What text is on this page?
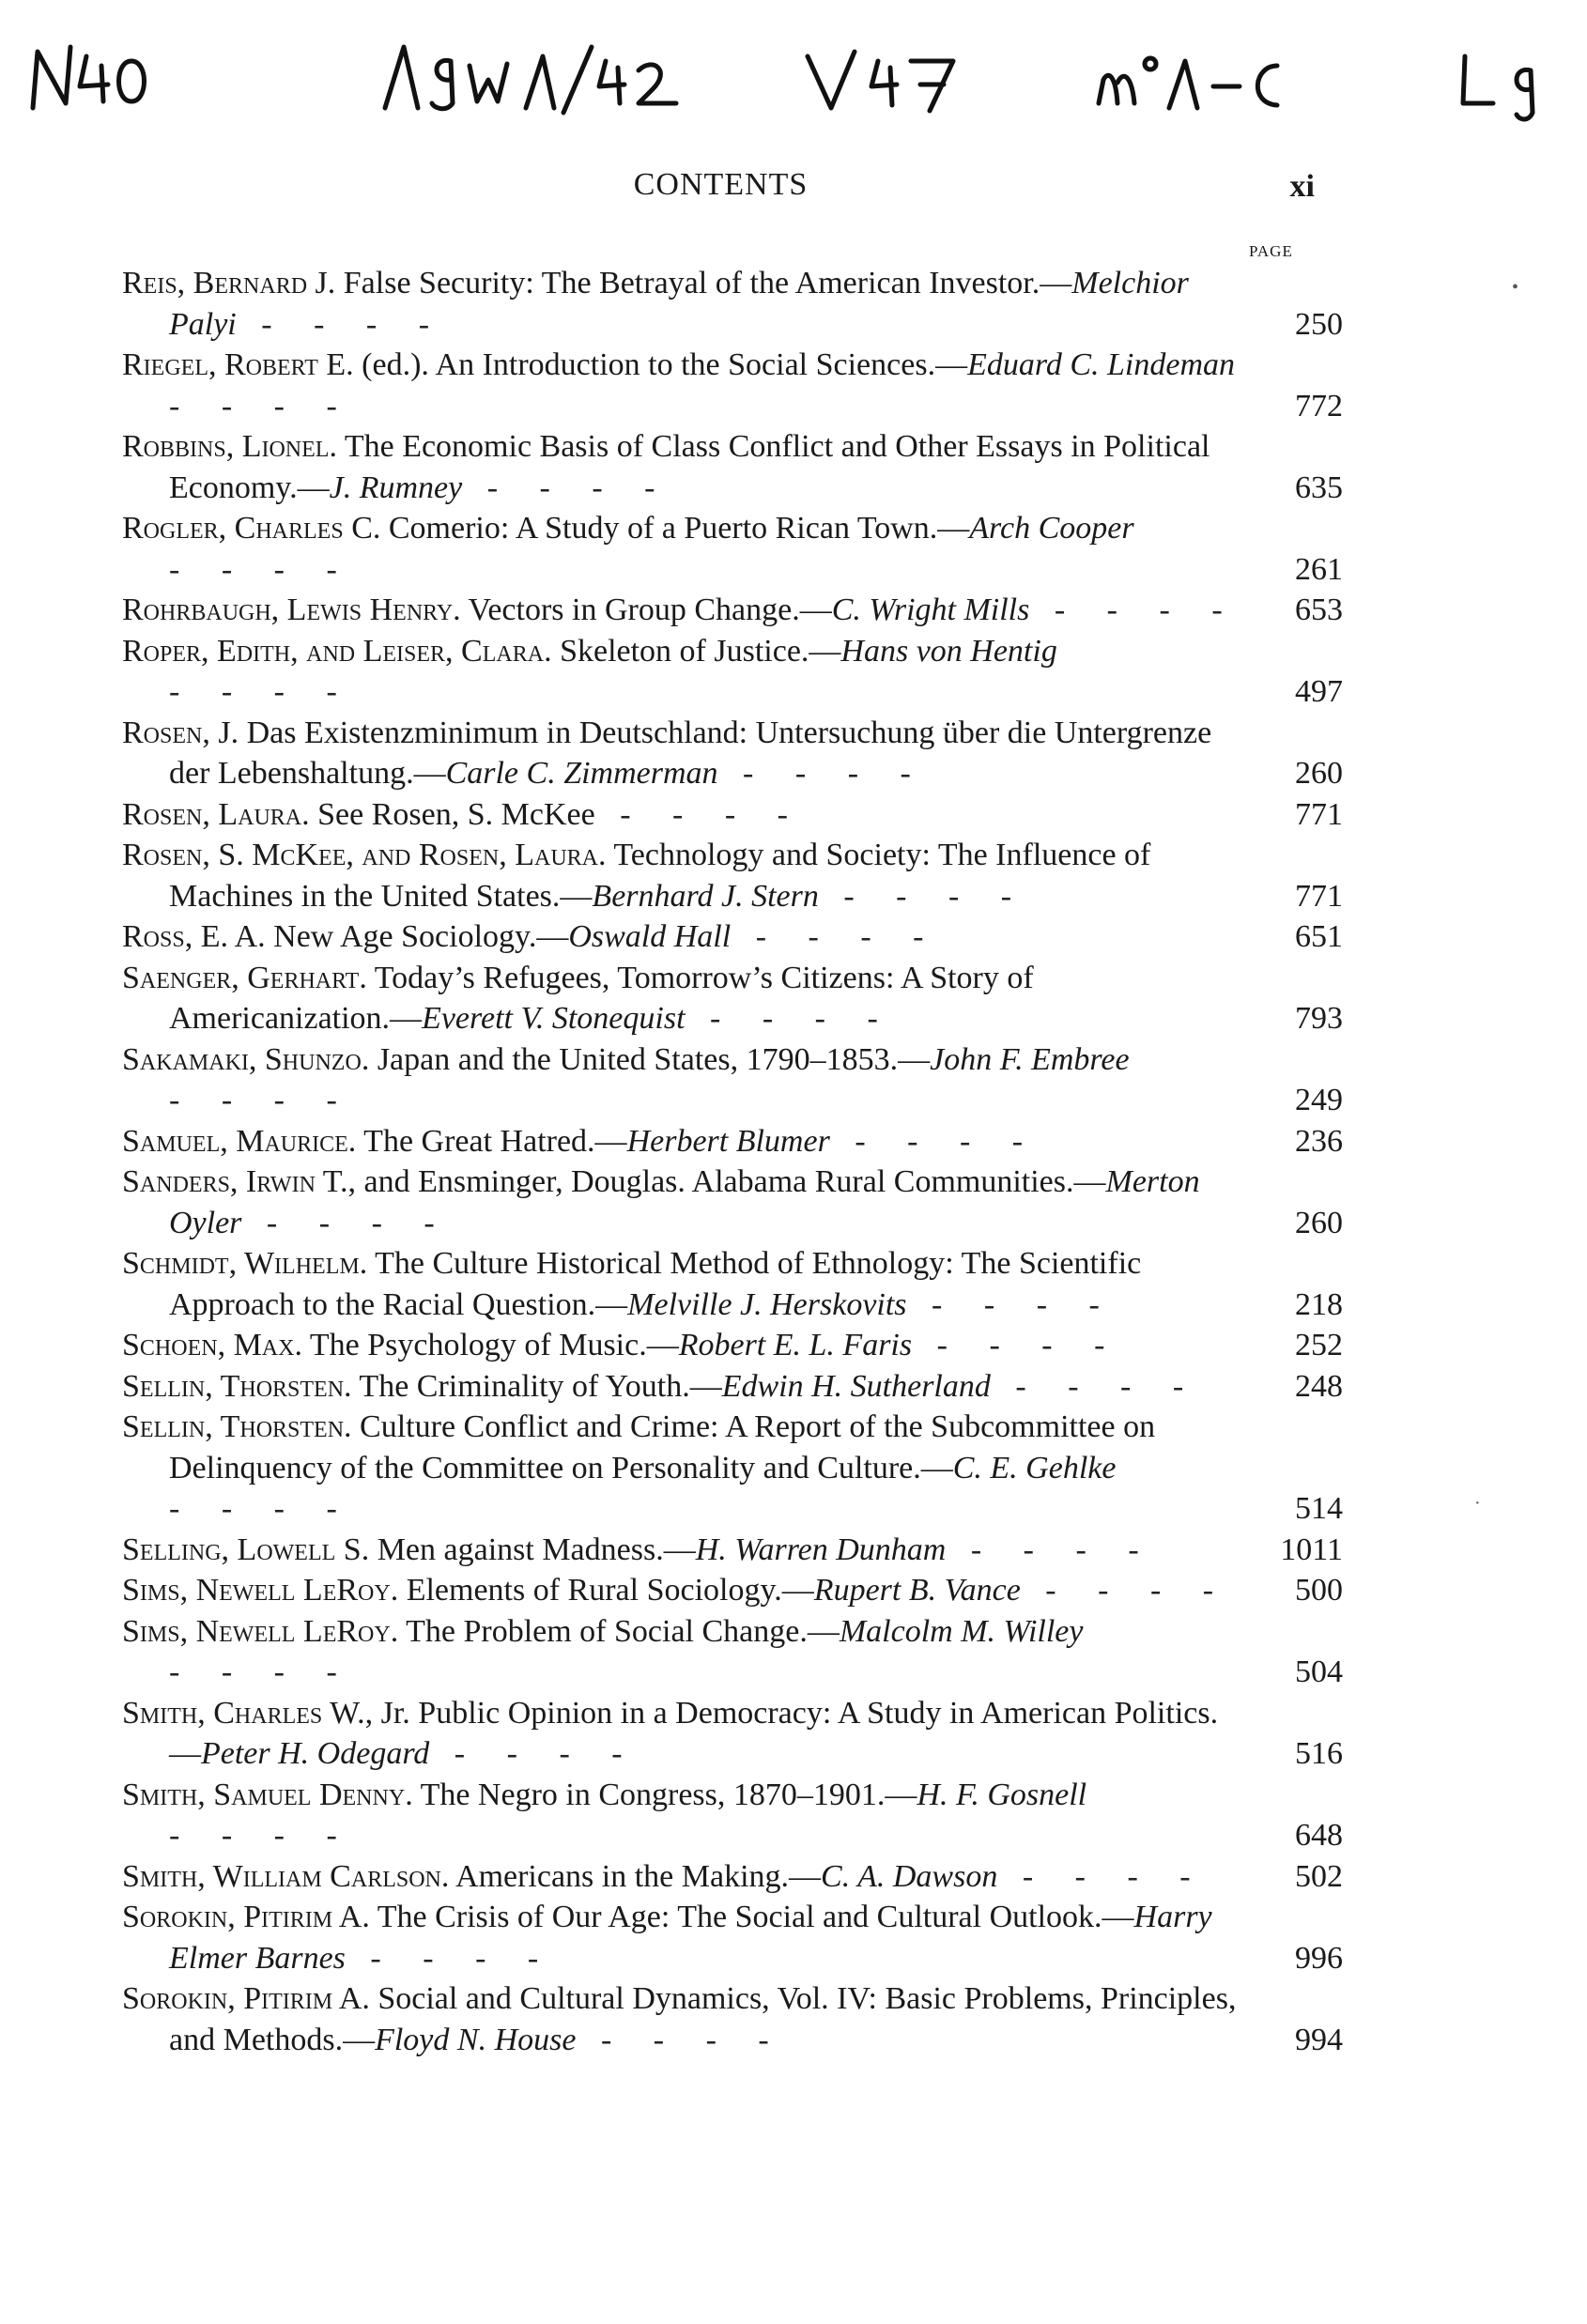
CONTENTS	xi
PAGE
Reis, Bernard J. False Security: The Betrayal of the American Investor.—Melchior Palyi - - - -	250
Riegel, Robert E. (ed.). An Introduction to the Social Sciences.—Eduard C. Lindeman - - - -	772
Robbins, Lionel. The Economic Basis of Class Conflict and Other Essays in Political Economy.—J. Rumney - - - -	635
Rogler, Charles C. Comerio: A Study of a Puerto Rican Town.—Arch Cooper - - - -	261
Rohrbaugh, Lewis Henry. Vectors in Group Change.—C. Wright Mills - - - -	653
Roper, Edith, and Leiser, Clara. Skeleton of Justice.—Hans von Hentig - - - -	497
Rosen, J. Das Existenzminimum in Deutschland: Untersuchung über die Untergrenze der Lebenshaltung.—Carle C. Zimmerman - - - -	260
Rosen, Laura. See Rosen, S. McKee - - - -	771
Rosen, S. McKee, and Rosen, Laura. Technology and Society: The Influence of Machines in the United States.—Bernhard J. Stern - - - -	771
Ross, E. A. New Age Sociology.—Oswald Hall - - - -	651
Saenger, Gerhart. Today’s Refugees, Tomorrow’s Citizens: A Story of Americanization.—Everett V. Stonequist - - - -	793
Sakamaki, Shunzo. Japan and the United States, 1790–1853.—John F. Embree - - - -	249
Samuel, Maurice. The Great Hatred.—Herbert Blumer - - - -	236
Sanders, Irwin T., and Ensminger, Douglas. Alabama Rural Communities.—Merton Oyler - - - -	260
Schmidt, Wilhelm. The Culture Historical Method of Ethnology: The Scientific Approach to the Racial Question.—Melville J. Herskovits - - - -	218
Schoen, Max. The Psychology of Music.—Robert E. L. Faris - - - -	252
Sellin, Thorsten. The Criminality of Youth.—Edwin H. Sutherland - - - -	248
Sellin, Thorsten. Culture Conflict and Crime: A Report of the Subcommittee on Delinquency of the Committee on Personality and Culture.—C. E. Gehlke - - - -	514
Selling, Lowell S. Men against Madness.—H. Warren Dunham - - - -	1011
Sims, Newell LeRoy. Elements of Rural Sociology.—Rupert B. Vance - - - -	500
Sims, Newell LeRoy. The Problem of Social Change.—Malcolm M. Willey - - - -	504
Smith, Charles W., Jr. Public Opinion in a Democracy: A Study in American Politics.—Peter H. Odegard - - - -	516
Smith, Samuel Denny. The Negro in Congress, 1870–1901.—H. F. Gosnell - - - -	648
Smith, William Carlson. Americans in the Making.—C. A. Dawson - - - -	502
Sorokin, Pitirim A. The Crisis of Our Age: The Social and Cultural Outlook.—Harry Elmer Barnes - - - -	996
Sorokin, Pitirim A. Social and Cultural Dynamics, Vol. IV: Basic Problems, Principles, and Methods.—Floyd N. House - - - -	994
•
·
